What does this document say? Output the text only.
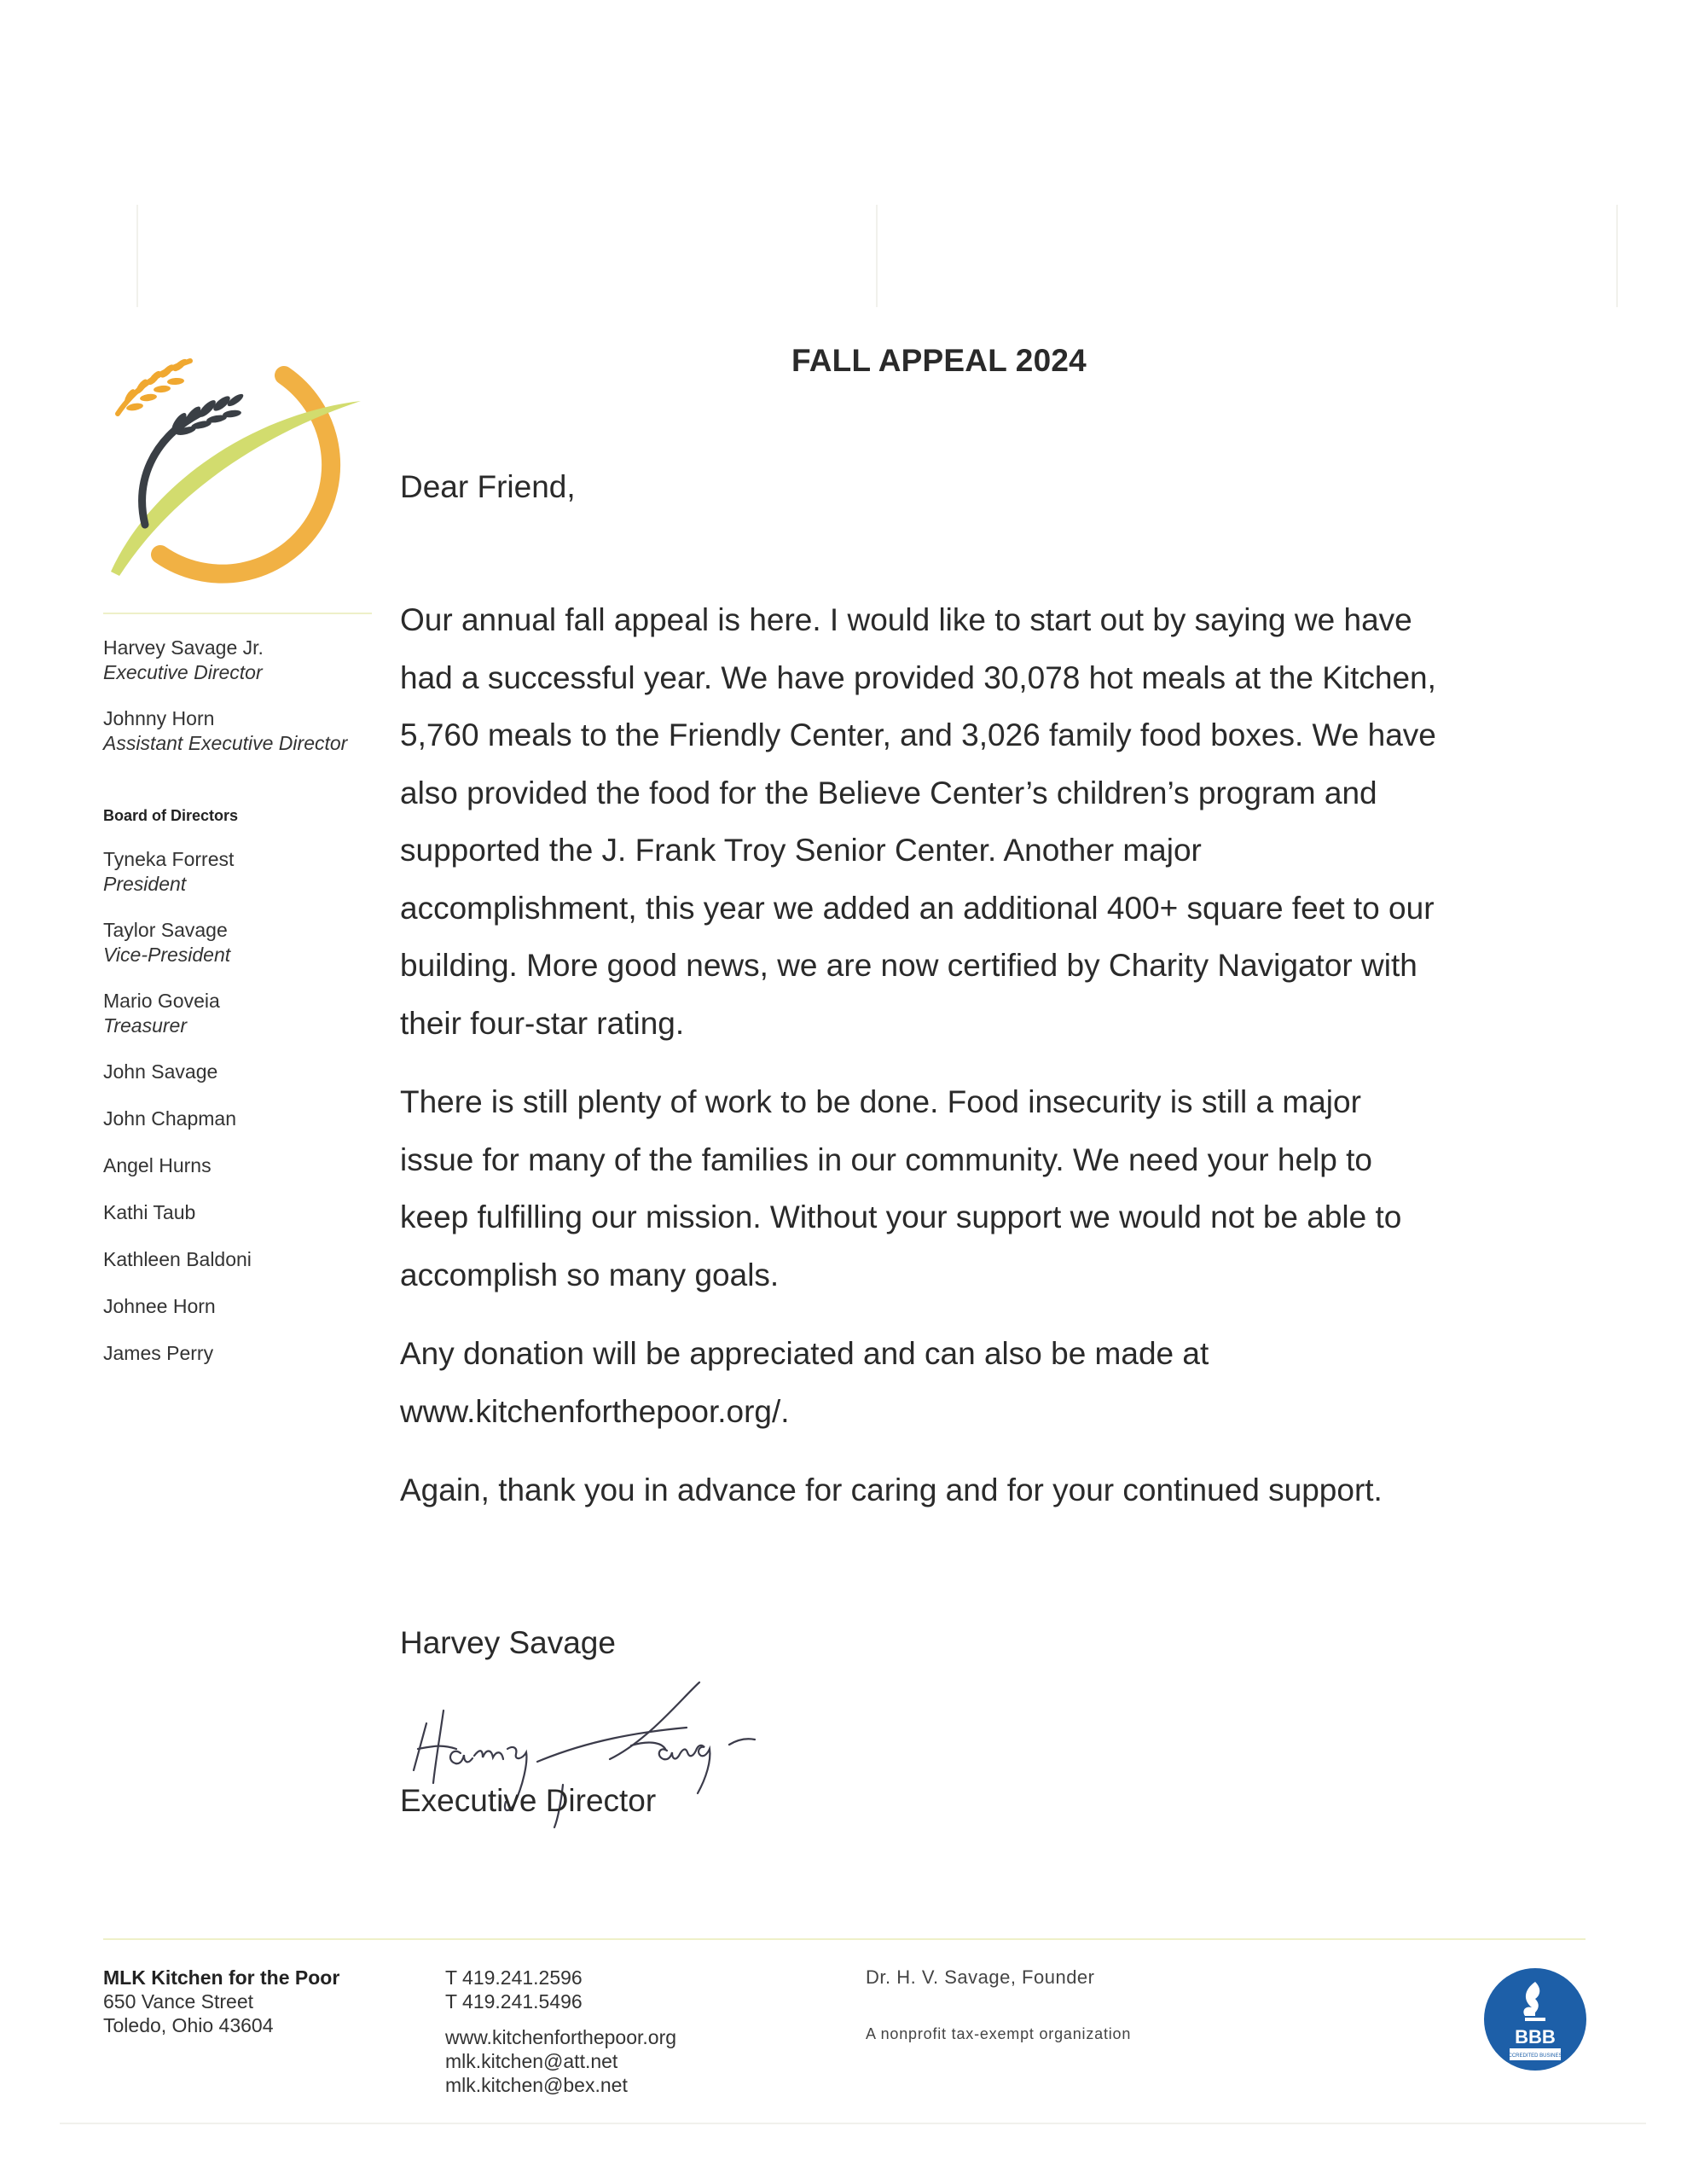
Harvey Savage Jr.
Executive Director
Johnny Horn
Assistant Executive Director
Board of Directors
Tyneka Forrest
President
Taylor Savage
Vice-President
Mario Goveia
Treasurer
John Savage
John Chapman
Angel Hurns
Kathi Taub
Kathleen Baldoni
Johnee Horn
James Perry
FALL APPEAL 2024
Dear Friend,

Our annual fall appeal is here. I would like to start out by saying we have
had a successful year. We have provided 30,078 hot meals at the Kitchen,
5,760 meals to the Friendly Center, and 3,026 family food boxes. We have
also provided the food for the Believe Center’s children’s program and
supported the J. Frank Troy Senior Center. Another major
accomplishment, this year we added an additional 400+ square feet to our
building. More good news, we are now certified by Charity Navigator with
their four-star rating.

There is still plenty of work to be done. Food insecurity is still a major
issue for many of the families in our community. We need your help to
keep fulfilling our mission. Without your support we would not be able to
accomplish so many goals.

Any donation will be appreciated and can also be made at
www.kitchenforthepoor.org/.

Again, thank you in advance for caring and for your continued support.

Harvey Savage
Executive Director
MLK Kitchen for the Poor
650 Vance Street
Toledo, Ohio 43604
T 419.241.2596
T 419.241.5496
www.kitchenforthepoor.org
mlk.kitchen@att.net
mlk.kitchen@bex.net
Dr. H. V. Savage, Founder
A nonprofit tax-exempt organization	BBB
ACCREDITED BUSINESS
